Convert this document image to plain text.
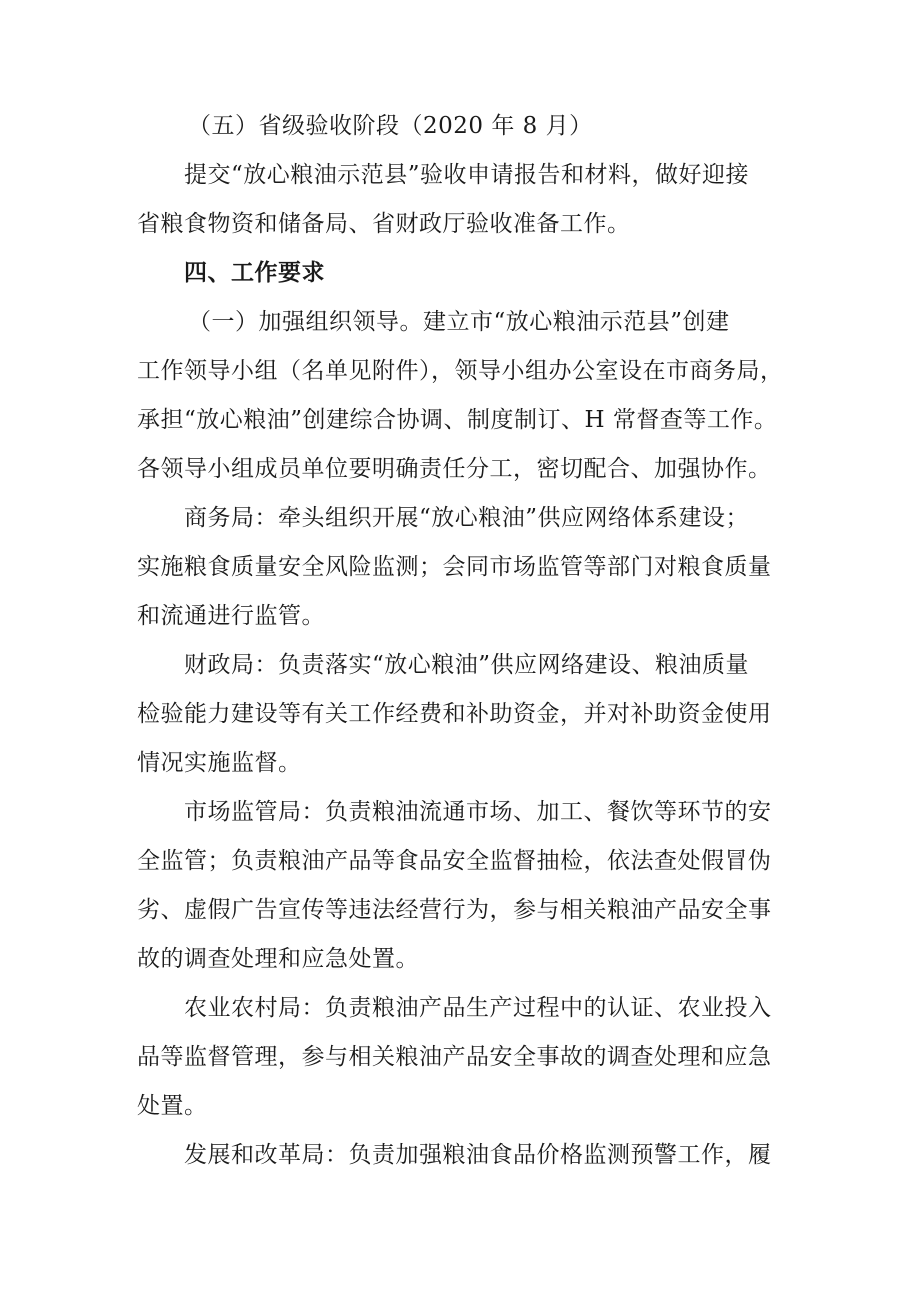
（五）省级验收阶段（2020 年 8 月）
提交“放心粮油示范县”验收申请报告和材料，做好迎接
省粮食物资和储备局、省财政厅验收准备工作。
四、工作要求
（一）加强组织领导。建立市“放心粮油示范县”创建
工作领导小组（名单见附件），领导小组办公室设在市商务局，
承担“放心粮油”创建综合协调、制度制订、H 常督查等工作。
各领导小组成员单位要明确责任分工，密切配合、加强协作。
商务局：牵头组织开展“放心粮油”供应网络体系建设；
实施粮食质量安全风险监测；会同市场监管等部门对粮食质量
和流通进行监管。
财政局：负责落实“放心粮油”供应网络建设、粮油质量
检验能力建设等有关工作经费和补助资金，并对补助资金使用
情况实施监督。
市场监管局：负责粮油流通市场、加工、餐饮等环节的安
全监管；负责粮油产品等食品安全监督抽检，依法查处假冒伪
劣、虚假广告宣传等违法经营行为，参与相关粮油产品安全事
故的调查处理和应急处置。
农业农村局：负责粮油产品生产过程中的认证、农业投入
品等监督管理，参与相关粮油产品安全事故的调查处理和应急
处置。
发展和改革局：负责加强粮油食品价格监测预警工作，履
